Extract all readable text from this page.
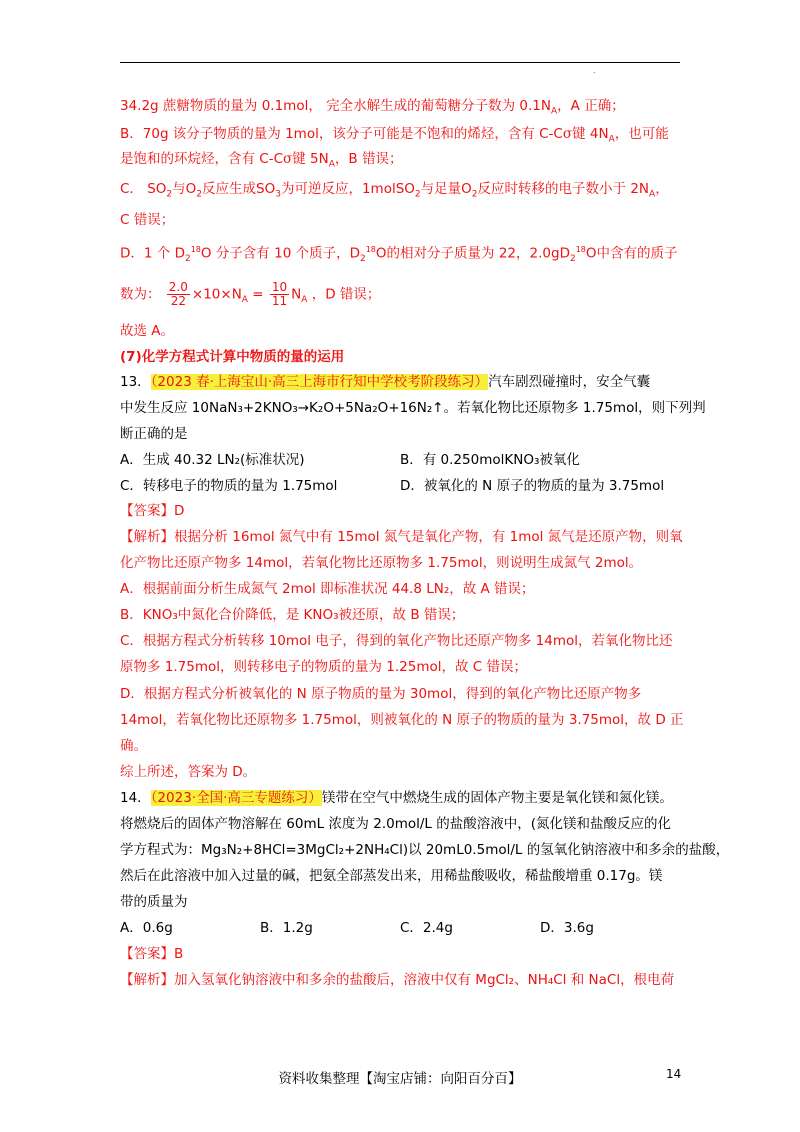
.
34.2g 蔗糖物质的量为 0.1mol， 完全水解生成的葡萄糖分子数为 $0.1N_A$，A 正确；
B．70g 该分子物质的量为 1mol，该分子可能是不饱和的烯烃，含有 C-Cσ键 $4N_A$，也可能
是饱和的环烷烃，含有 C-Cσ键 $5N_A$，B 错误；
C． $SO_2$与$O_2$反应生成$SO_3$为可逆反应，1molSO$_2$与足量$O_2$反应时转移的电子数小于 $2N_A$，
C 错误；
D．1 个 $D_2^{18}O$ 分子含有 10 个质子，$D_2^{18}O$的相对分子质量为 22，$2.0gD_2^{18}O$中含有的质子
数为： $\frac{2.0}{22} \times 10\times N_A = \frac{10}{11} N_A$ ，D 错误；
故选 A。
(7)化学方程式计算中物质的量的运用
13．（2023 春·上海宝山·高三上海市行知中学校考阶段练习）汽车剧烈碰撞时，安全气囊
中发生反应 10NaN₃+2KNO₃→K₂O+5Na₂O+16N₂↑。若氧化物比还原物多 1.75mol，则下列判
断正确的是
A．生成 40.32 LN₂(标准状况)	B．有 0.250molKNO₃被氧化
C．转移电子的物质的量为 1.75mol	D．被氧化的 N 原子的物质的量为 3.75mol
【答案】D
【解析】根据分析 16mol 氮气中有 15mol 氮气是氧化产物，有 1mol 氮气是还原产物，则氧
化产物比还原产物多 14mol，若氧化物比还原物多 1.75mol，则说明生成氮气 2mol。
A．根据前面分析生成氮气 2mol 即标准状况 44.8 LN₂，故 A 错误；
B．KNO₃中氮化合价降低，是 KNO₃被还原，故 B 错误；
C．根据方程式分析转移 10mol 电子，得到的氧化产物比还原产物多 14mol，若氧化物比还
原物多 1.75mol，则转移电子的物质的量为 1.25mol，故 C 错误；
D．根据方程式分析被氧化的 N 原子物质的量为 30mol，得到的氧化产物比还原产物多
14mol，若氧化物比还原物多 1.75mol，则被氧化的 N 原子的物质的量为 3.75mol，故 D 正
确。
综上所述，答案为 D。
14．（2023·全国·高三专题练习）镁带在空气中燃烧生成的固体产物主要是氧化镁和氮化镁。
将燃烧后的固体产物溶解在 60mL 浓度为 2.0mol/L 的盐酸溶液中，(氮化镁和盐酸反应的化
学方程式为：Mg₃N₂+8HCl=3MgCl₂+2NH₄Cl)以 20mL0.5mol/L 的氢氧化钠溶液中和多余的盐酸，
然后在此溶液中加入过量的碱，把氨全部蒸发出来，用稀盐酸吸收，稀盐酸增重 0.17g。镁
带的质量为
A．0.6g	B．1.2g	C．2.4g	D．3.6g
【答案】B
【解析】加入氢氧化钠溶液中和多余的盐酸后，溶液中仅有 MgCl₂、NH₄Cl 和 NaCl，根电荷
资料收集整理【淘宝店铺：向阳百分百】	14
